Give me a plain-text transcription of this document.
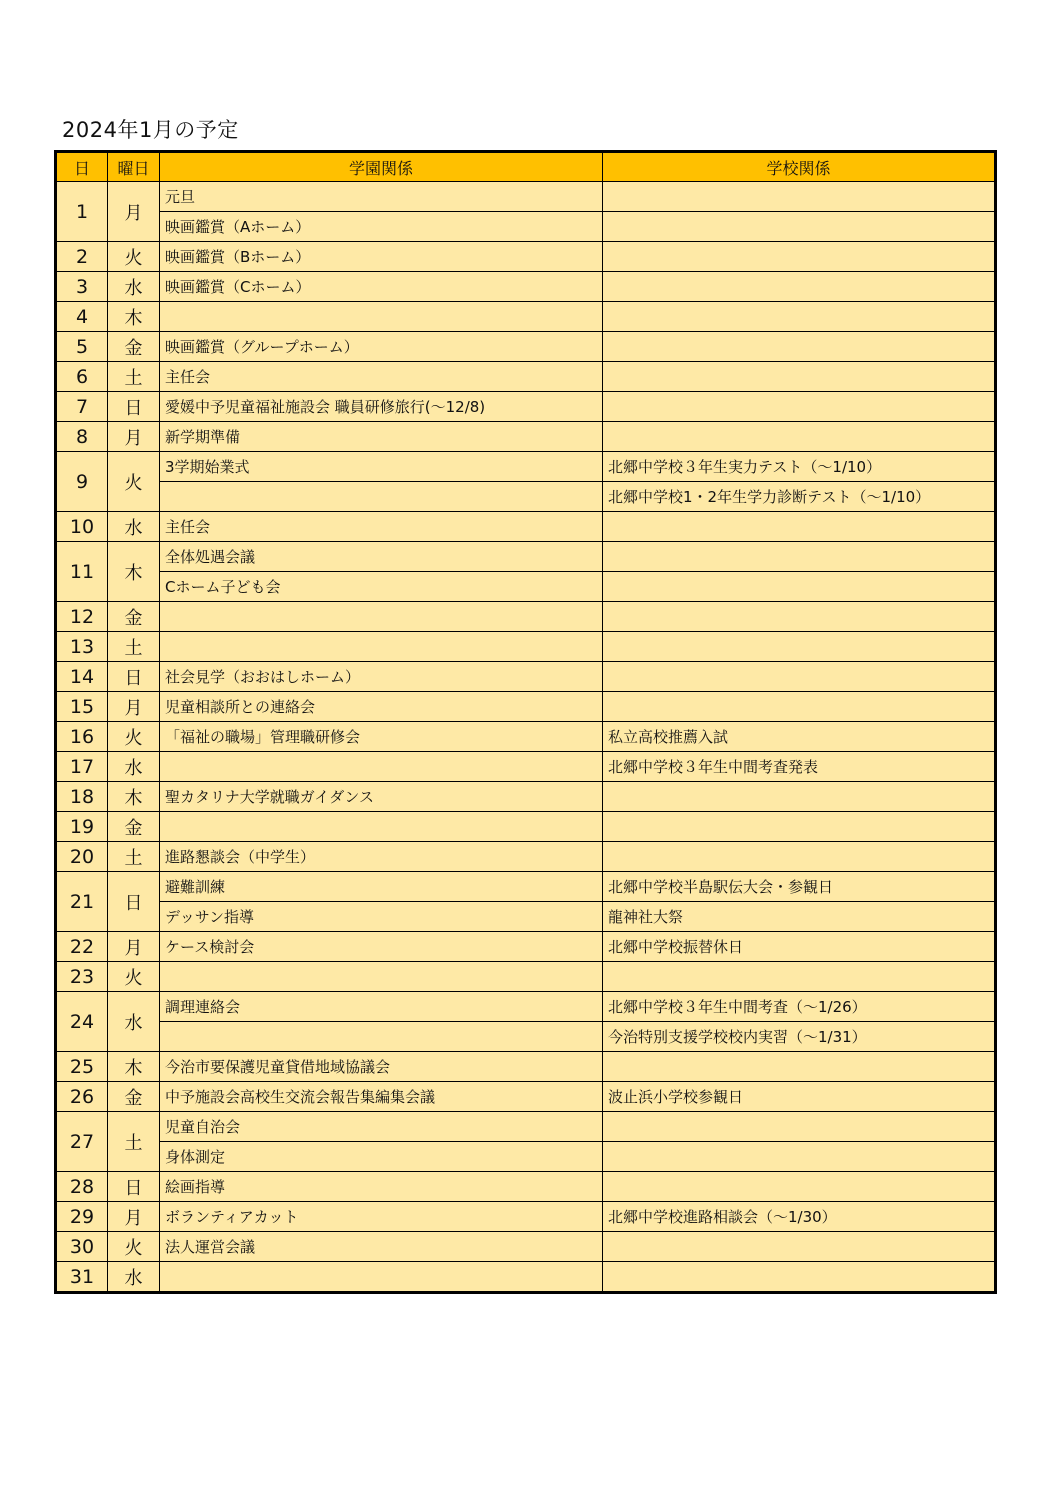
2024年1月の予定
日	曜日	学園関係	学校関係
1	月	元旦	
		映画鑑賞（Aホーム）	
2	火	映画鑑賞（Bホーム）	
3	水	映画鑑賞（Cホーム）	
4	木		
5	金	映画鑑賞（グループホーム）	
6	土	主任会	
7	日	愛媛中予児童福祉施設会 職員研修旅行(～12/8)	
8	月	新学期準備	
9	火	3学期始業式	北郷中学校３年生実力テスト（～1/10）
			北郷中学校1・2年生学力診断テスト（～1/10）
10	水	主任会	
11	木	全体処遇会議	
		Cホーム子ども会	
12	金		
13	土		
14	日	社会見学（おおはしホーム）	
15	月	児童相談所との連絡会	
16	火	「福祉の職場」管理職研修会	私立高校推薦入試
17	水		北郷中学校３年生中間考査発表
18	木	聖カタリナ大学就職ガイダンス	
19	金		
20	土	進路懇談会（中学生）	
21	日	避難訓練	北郷中学校半島駅伝大会・参観日
		デッサン指導	龍神社大祭
22	月	ケース検討会	北郷中学校振替休日
23	火		
24	水	調理連絡会	北郷中学校３年生中間考査（～1/26）
			今治特別支援学校校内実習（～1/31）
25	木	今治市要保護児童貸借地域協議会	
26	金	中予施設会高校生交流会報告集編集会議	波止浜小学校参観日
27	土	児童自治会	
		身体測定	
28	日	絵画指導	
29	月	ボランティアカット	北郷中学校進路相談会（～1/30）
30	火	法人運営会議	
31	水		
